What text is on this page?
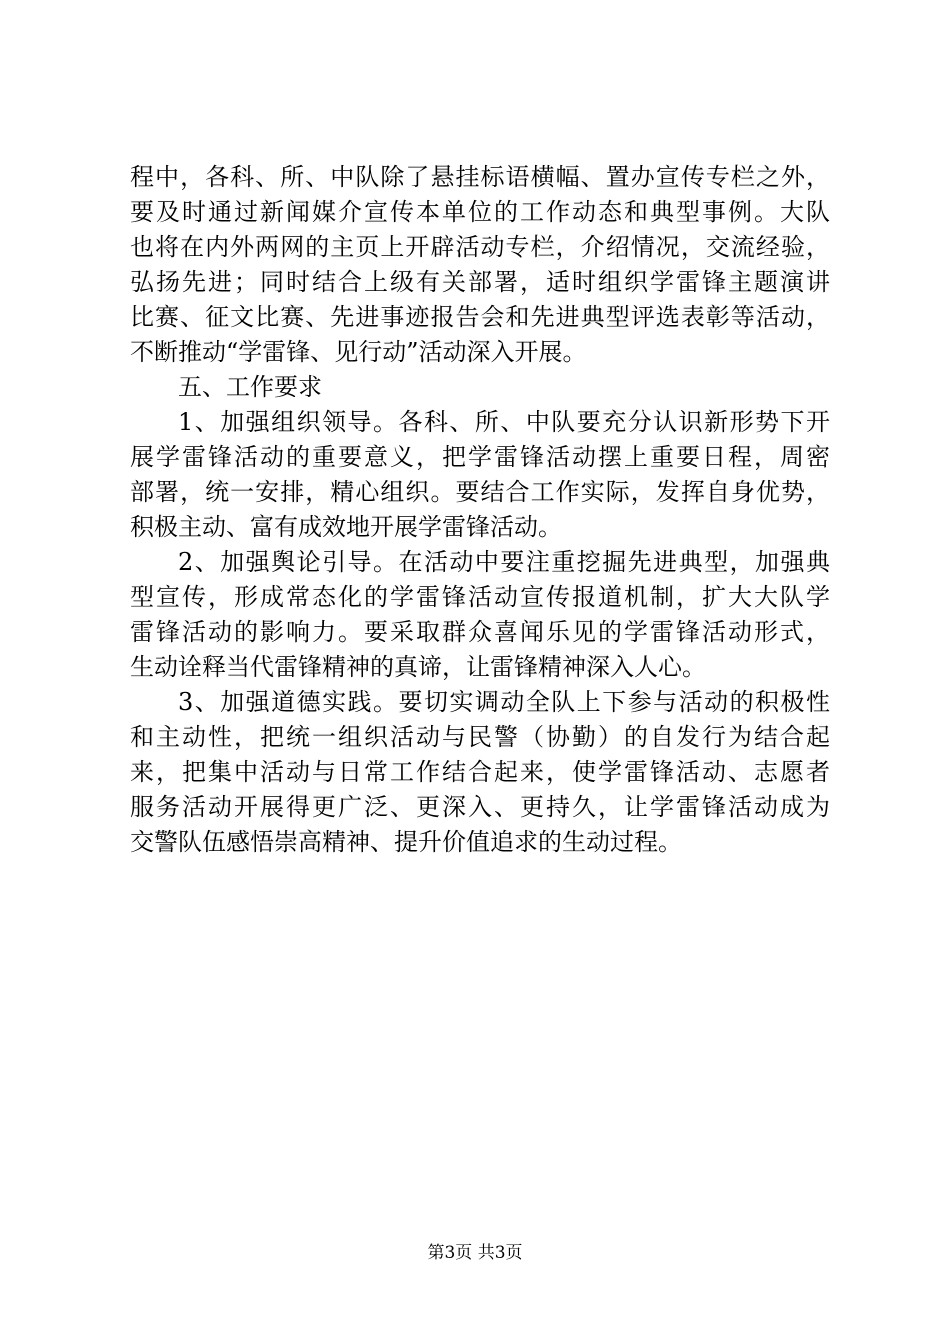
程中，各科、所、中队除了悬挂标语横幅、置办宣传专栏之外，
要及时通过新闻媒介宣传本单位的工作动态和典型事例。大队
也将在内外两网的主页上开辟活动专栏，介绍情况，交流经验，
弘扬先进；同时结合上级有关部署，适时组织学雷锋主题演讲
比赛、征文比赛、先进事迹报告会和先进典型评选表彰等活动，
不断推动“学雷锋、见行动”活动深入开展。
五、工作要求
1、加强组织领导。各科、所、中队要充分认识新形势下开
展学雷锋活动的重要意义，把学雷锋活动摆上重要日程，周密
部署，统一安排，精心组织。要结合工作实际，发挥自身优势，
积极主动、富有成效地开展学雷锋活动。
2、加强舆论引导。在活动中要注重挖掘先进典型，加强典
型宣传，形成常态化的学雷锋活动宣传报道机制，扩大大队学
雷锋活动的影响力。要采取群众喜闻乐见的学雷锋活动形式，
生动诠释当代雷锋精神的真谛，让雷锋精神深入人心。
3、加强道德实践。要切实调动全队上下参与活动的积极性
和主动性，把统一组织活动与民警（协勤）的自发行为结合起
来，把集中活动与日常工作结合起来，使学雷锋活动、志愿者
服务活动开展得更广泛、更深入、更持久，让学雷锋活动成为
交警队伍感悟崇高精神、提升价值追求的生动过程。
第3页 共3页
